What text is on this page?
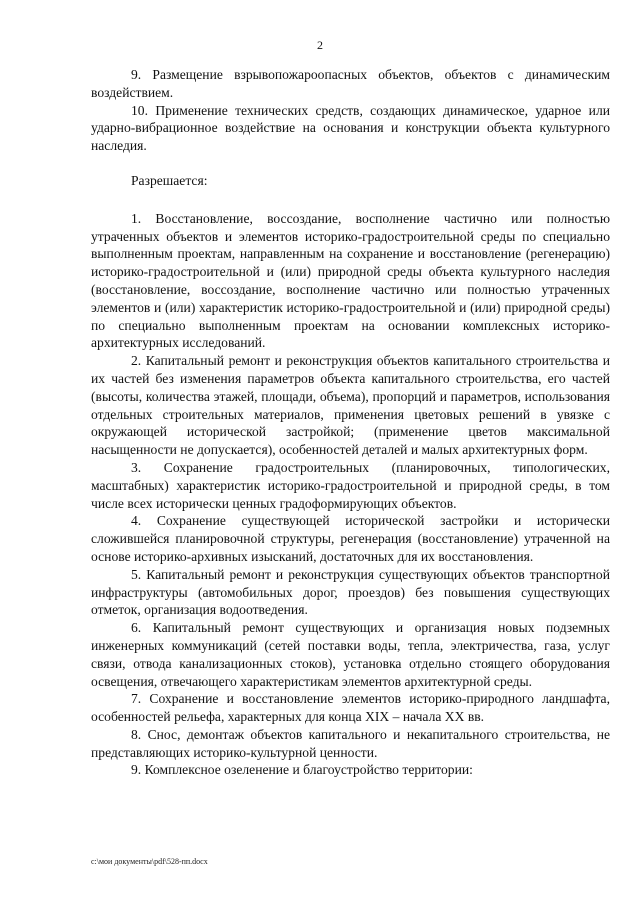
2

9. Размещение взрывопожароопасных объектов, объектов с динамическим воздействием.

10. Применение технических средств, создающих динамическое, ударное или ударно-вибрационное воздействие на основания и конструкции объекта культурного наследия.

Разрешается:

1. Восстановление, воссоздание, восполнение частично или полностью утраченных объектов и элементов историко-градостроительной среды по специально выполненным проектам, направленным на сохранение и восстановление (регенерацию) историко-градостроительной и (или) природной среды объекта культурного наследия (восстановление, воссоздание, восполнение частично или полностью утраченных элементов и (или) характеристик историко-градостроительной и (или) природной среды) по специально выполненным проектам на основании комплексных историко-архитектурных исследований.

2. Капитальный ремонт и реконструкция объектов капитального строительства и их частей без изменения параметров объекта капитального строительства, его частей (высоты, количества этажей, площади, объема), пропорций и параметров, использования отдельных строительных материалов, применения цветовых решений в увязке с окружающей исторической застройкой; (применение цветов максимальной насыщенности не допускается), особенностей деталей и малых архитектурных форм.

3. Сохранение градостроительных (планировочных, типологических, масштабных) характеристик историко-градостроительной и природной среды, в том числе всех исторически ценных градоформирующих объектов.

4. Сохранение существующей исторической застройки и исторически сложившейся планировочной структуры, регенерация (восстановление) утраченной на основе историко-архивных изысканий, достаточных для их восстановления.

5. Капитальный ремонт и реконструкция существующих объектов транспортной инфраструктуры (автомобильных дорог, проездов) без повышения существующих отметок, организация водоотведения.

6. Капитальный ремонт существующих и организация новых подземных инженерных коммуникаций (сетей поставки воды, тепла, электричества, газа, услуг связи, отвода канализационных стоков), установка отдельно стоящего оборудования освещения, отвечающего характеристикам элементов архитектурной среды.

7. Сохранение и восстановление элементов историко-природного ландшафта, особенностей рельефа, характерных для конца XIX – начала XX вв.

8. Снос, демонтаж объектов капитального и некапитального строительства, не представляющих историко-культурной ценности.

9. Комплексное озеленение и благоустройство территории:

c:\мои документы\pdf\528-пп.docx
